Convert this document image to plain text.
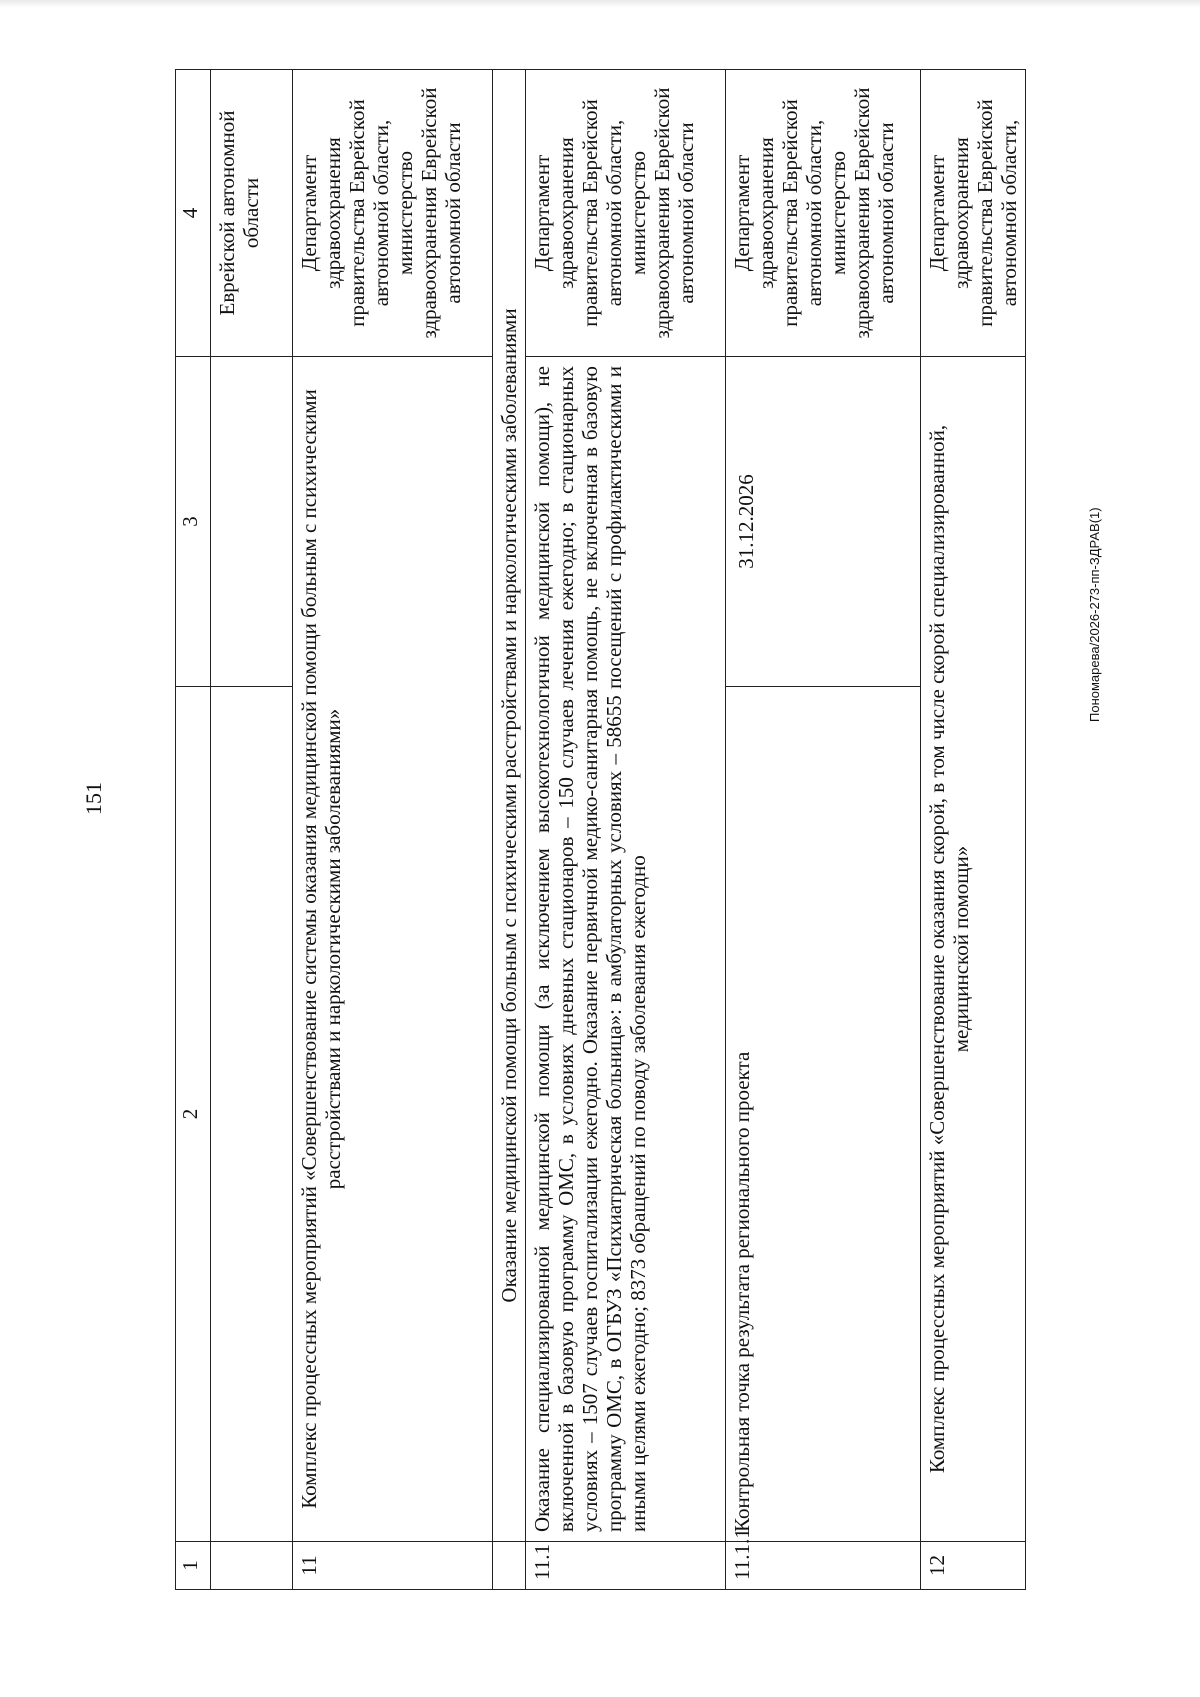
151
Пономарева/2026-273-пп-ЗДРАВ(1)
1	2	3	4
			Еврейской автономной области
11	Комплекс процессных мероприятий «Совершенствование системы оказания медицинской помощи больным с психическими расстройствами и наркологическими заболеваниями»		Департамент здравоохранения правительства Еврейской автономной области, министерство здравоохранения Еврейской автономной области
	Оказание медицинской помощи больным с психическими расстройствами и наркологическими заболеваниями		
11.1	Оказание специализированной медицинской помощи (за исключением высокотехнологичной медицинской помощи), не включенной в базовую программу ОМС, в условиях дневных стационаров – 150 случаев лечения ежегодно; в стационарных условиях – 1507 случаев госпитализации ежегодно. Оказание первичной медико-санитарная помощь, не включенная в базовую программу ОМС, в ОГБУЗ «Психиатрическая больница»: в амбулаторных условиях – 58655 посещений с профилактическими и иными целями ежегодно; 8373 обращений по поводу заболевания ежегодно		Департамент здравоохранения правительства Еврейской автономной области, министерство здравоохранения Еврейской автономной области
11.1.1	Контрольная точка результата регионального проекта	31.12.2026	Департамент здравоохранения правительства Еврейской автономной области, министерство здравоохранения Еврейской автономной области
12	Комплекс процессных мероприятий «Совершенствование оказания скорой, в том числе скорой специализированной, медицинской помощи»		Департамент здравоохранения правительства Еврейской автономной области,
